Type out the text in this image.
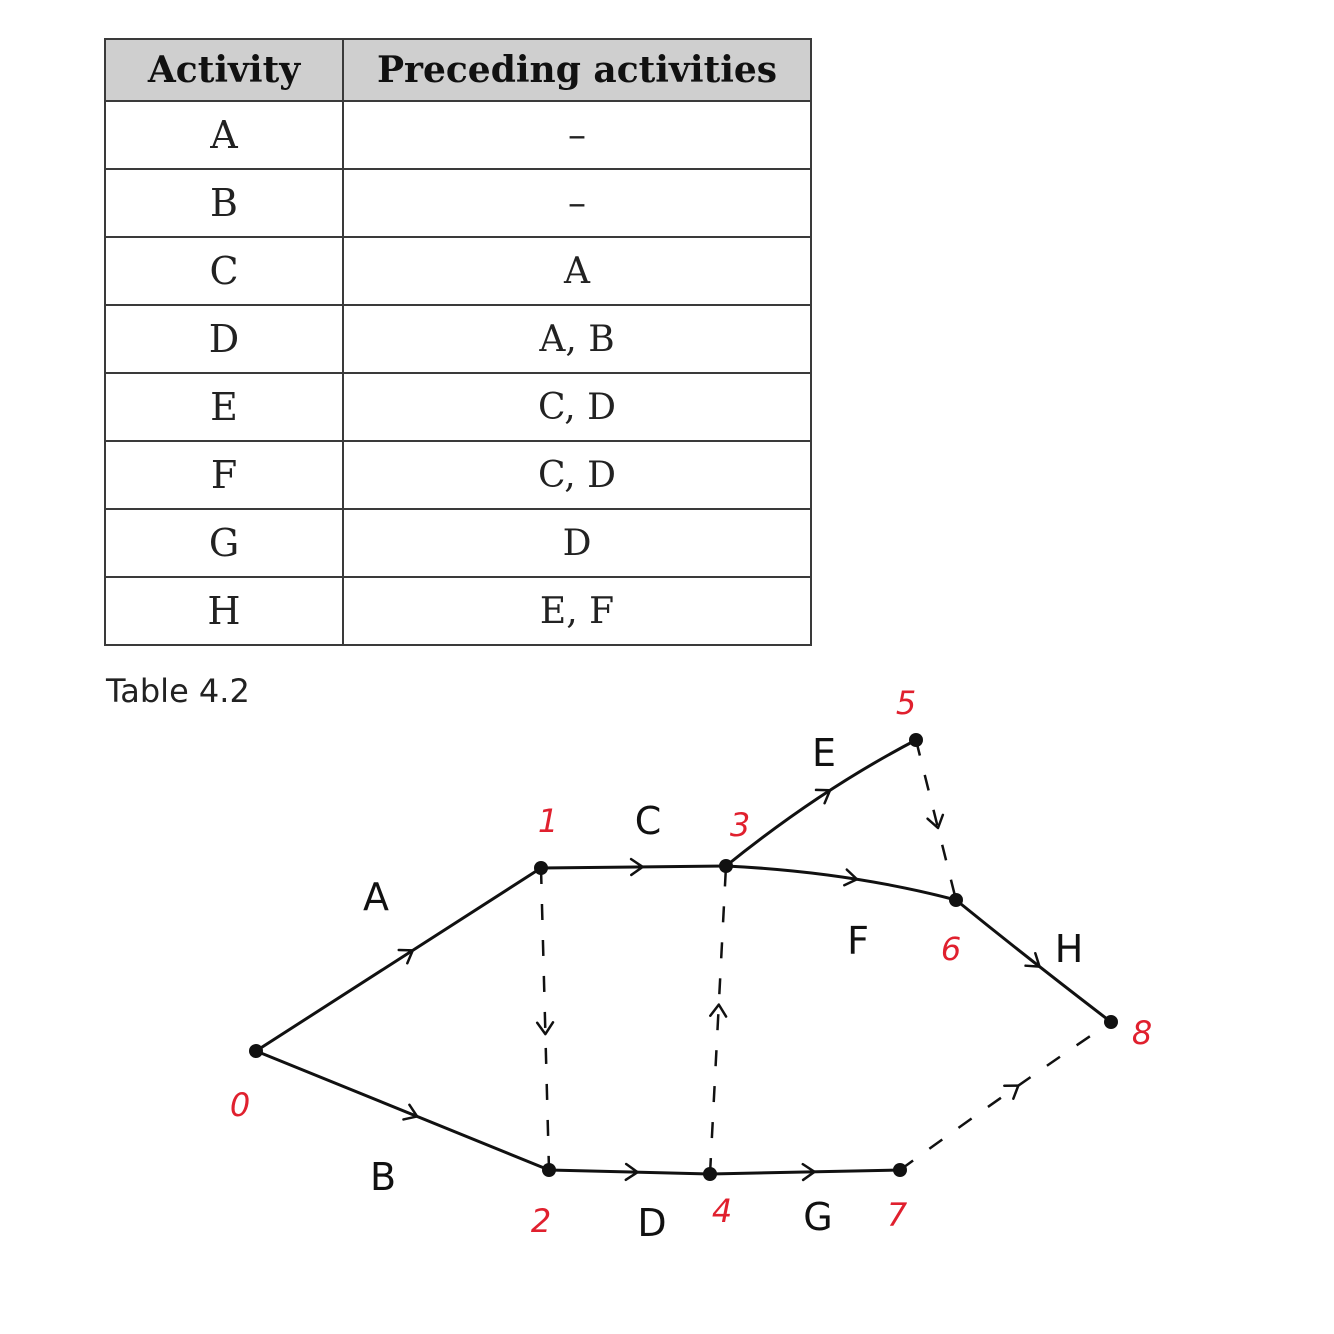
Activity	Preceding activities
A	–
B	–
C	A
D	A, B
E	C, D
F	C, D
G	D
H	E, F
Table 4.2
A
B
C
D
E
F
G
H
0
1
2
3
4
5
6
7
8
